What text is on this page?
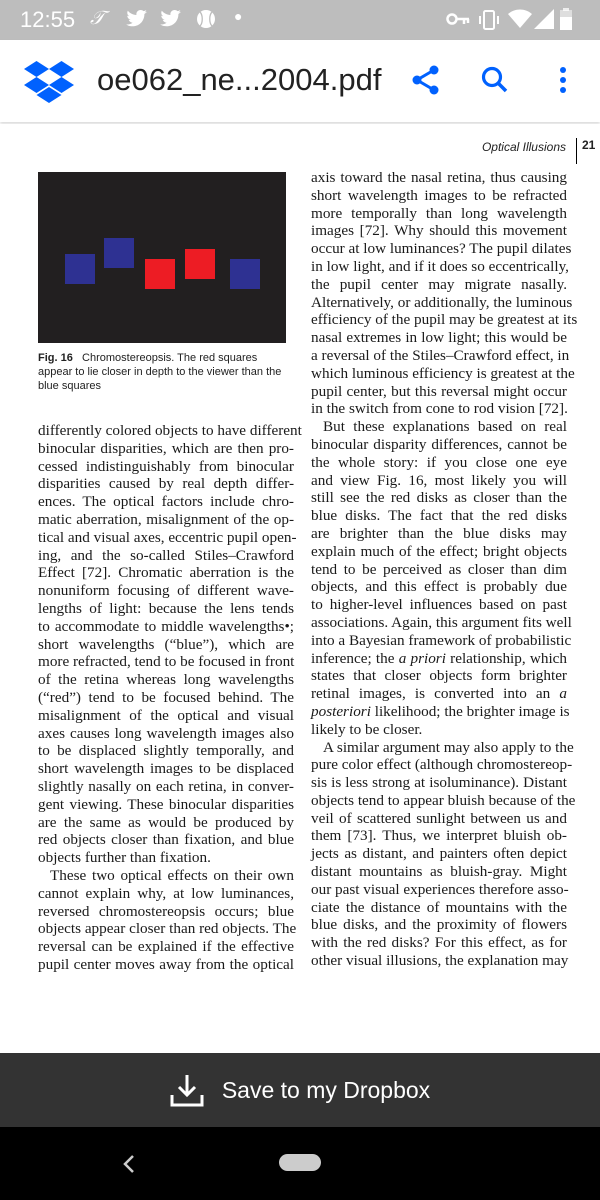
12:55 𝒯	●
oe062_ne...2004.pdf
Optical Illusions	21
Fig. 16 Chromostereopsis. The red squares appear to lie closer in depth to the viewer than the blue squares
differently colored objects to have different
binocular disparities, which are then pro-
cessed indistinguishably from binocular
disparities caused by real depth differ-
ences. The optical factors include chro-
matic aberration, misalignment of the op-
tical and visual axes, eccentric pupil open-
ing, and the so-called Stiles–Crawford
Effect [72]. Chromatic aberration is the
nonuniform focusing of different wave-
lengths of light: because the lens tends
to accommodate to middle wavelengths•;
short wavelengths (“blue”), which are
more refracted, tend to be focused in front
of the retina whereas long wavelengths
(“red”) tend to be focused behind. The
misalignment of the optical and visual
axes causes long wavelength images also
to be displaced slightly temporally, and
short wavelength images to be displaced
slightly nasally on each retina, in conver-
gent viewing. These binocular disparities
are the same as would be produced by
red objects closer than fixation, and blue
objects further than fixation.
These two optical effects on their own
cannot explain why, at low luminances,
reversed chromostereopsis occurs; blue
objects appear closer than red objects. The
reversal can be explained if the effective
pupil center moves away from the optical
axis toward the nasal retina, thus causing
short wavelength images to be refracted
more temporally than long wavelength
images [72]. Why should this movement
occur at low luminances? The pupil dilates
in low light, and if it does so eccentrically,
the pupil center may migrate nasally.
Alternatively, or additionally, the luminous
efficiency of the pupil may be greatest at its
nasal extremes in low light; this would be
a reversal of the Stiles–Crawford effect, in
which luminous efficiency is greatest at the
pupil center, but this reversal might occur
in the switch from cone to rod vision [72].
But these explanations based on real
binocular disparity differences, cannot be
the whole story: if you close one eye
and view Fig. 16, most likely you will
still see the red disks as closer than the
blue disks. The fact that the red disks
are brighter than the blue disks may
explain much of the effect; bright objects
tend to be perceived as closer than dim
objects, and this effect is probably due
to higher-level influences based on past
associations. Again, this argument fits well
into a Bayesian framework of probabilistic
inference; the a priori relationship, which
states that closer objects form brighter
retinal images, is converted into an a
posteriori likelihood; the brighter image is
likely to be closer.
A similar argument may also apply to the
pure color effect (although chromostereop-
sis is less strong at isoluminance). Distant
objects tend to appear bluish because of the
veil of scattered sunlight between us and
them [73]. Thus, we interpret bluish ob-
jects as distant, and painters often depict
distant mountains as bluish-gray. Might
our past visual experiences therefore asso-
ciate the distance of mountains with the
blue disks, and the proximity of flowers
with the red disks? For this effect, as for
other visual illusions, the explanation may
Save to my Dropbox
